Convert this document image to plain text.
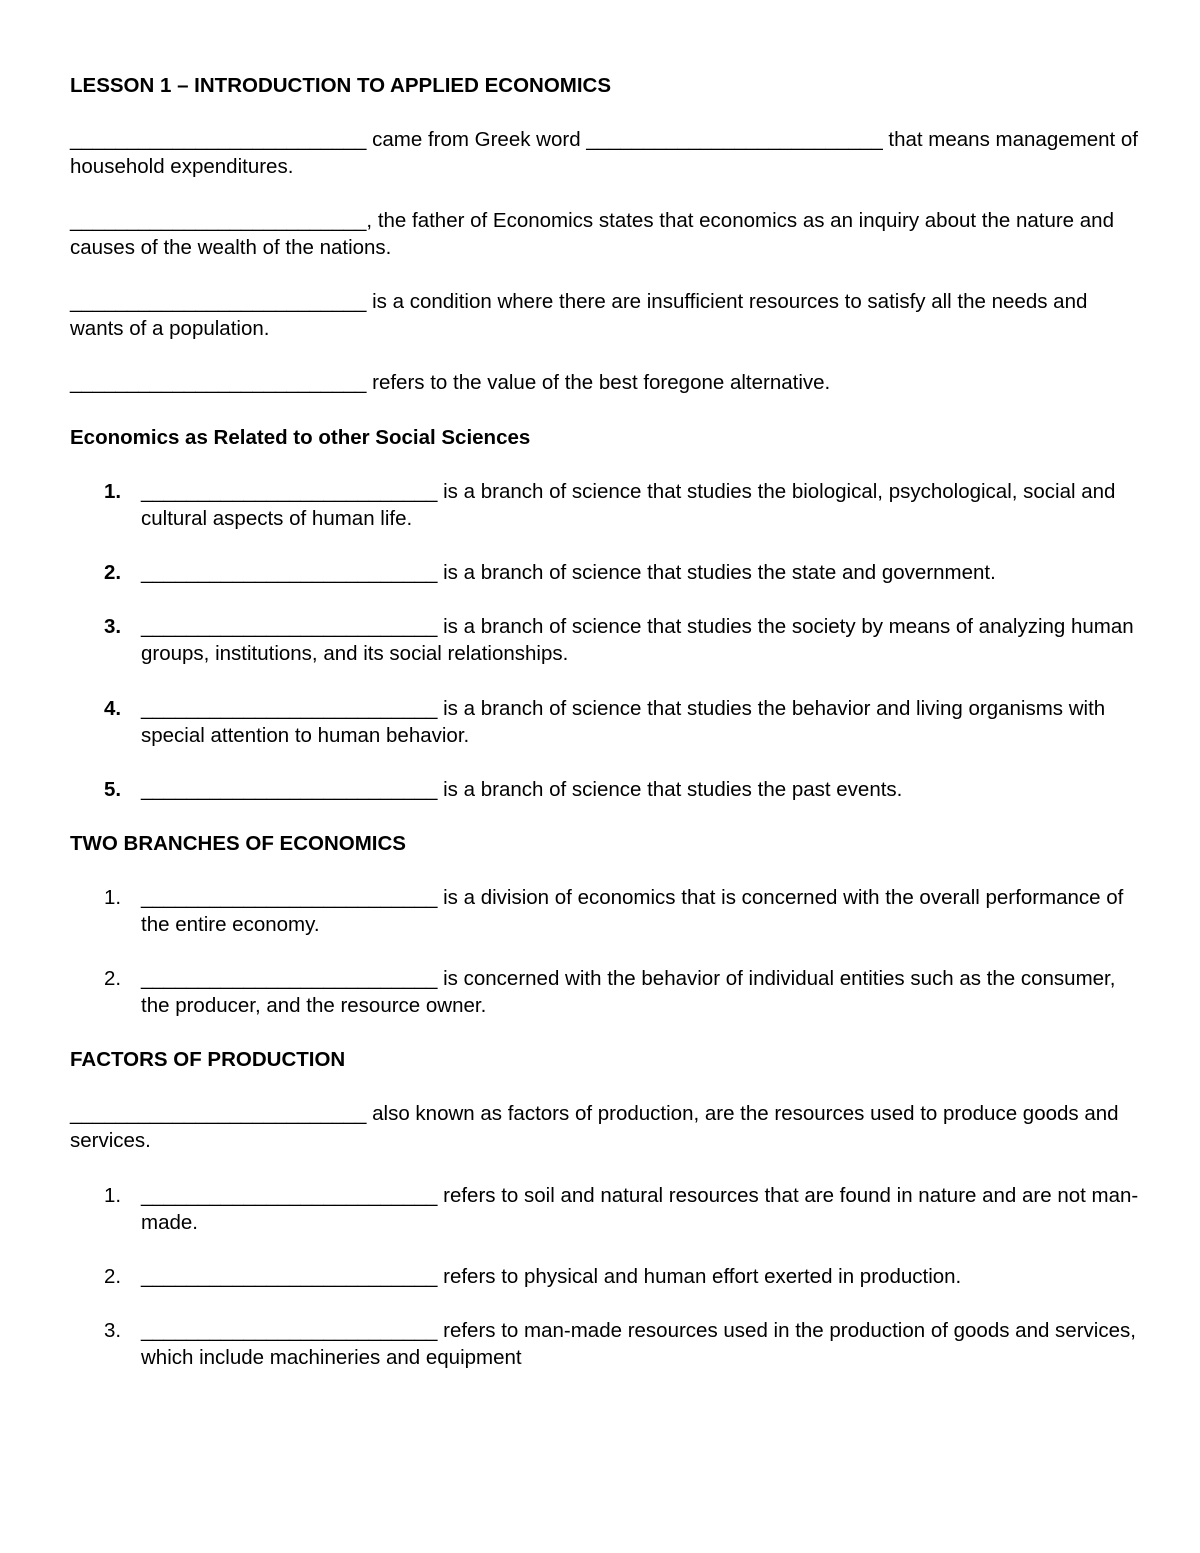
LESSON 1 – INTRODUCTION TO APPLIED ECONOMICS
__________________________ came from Greek word __________________________ that means management of household expenditures.
__________________________, the father of Economics states that economics as an inquiry about the nature and causes of the wealth of the nations.
__________________________ is a condition where there are insufficient resources to satisfy all the needs and wants of a population.
__________________________ refers to the value of the best foregone alternative.
Economics as Related to other Social Sciences
1. __________________________ is a branch of science that studies the biological, psychological, social and cultural aspects of human life.
2. __________________________ is a branch of science that studies the state and government.
3. __________________________ is a branch of science that studies the society by means of analyzing human groups, institutions, and its social relationships.
4. __________________________ is a branch of science that studies the behavior and living organisms with special attention to human behavior.
5. __________________________ is a branch of science that studies the past events.
TWO BRANCHES OF ECONOMICS
1. __________________________ is a division of economics that is concerned with the overall performance of the entire economy.
2. __________________________ is concerned with the behavior of individual entities such as the consumer, the producer, and the resource owner.
FACTORS OF PRODUCTION
__________________________ also known as factors of production, are the resources used to produce goods and services.
1. __________________________ refers to soil and natural resources that are found in nature and are not man-made.
2. __________________________ refers to physical and human effort exerted in production.
3. __________________________ refers to man-made resources used in the production of goods and services, which include machineries and equipment
